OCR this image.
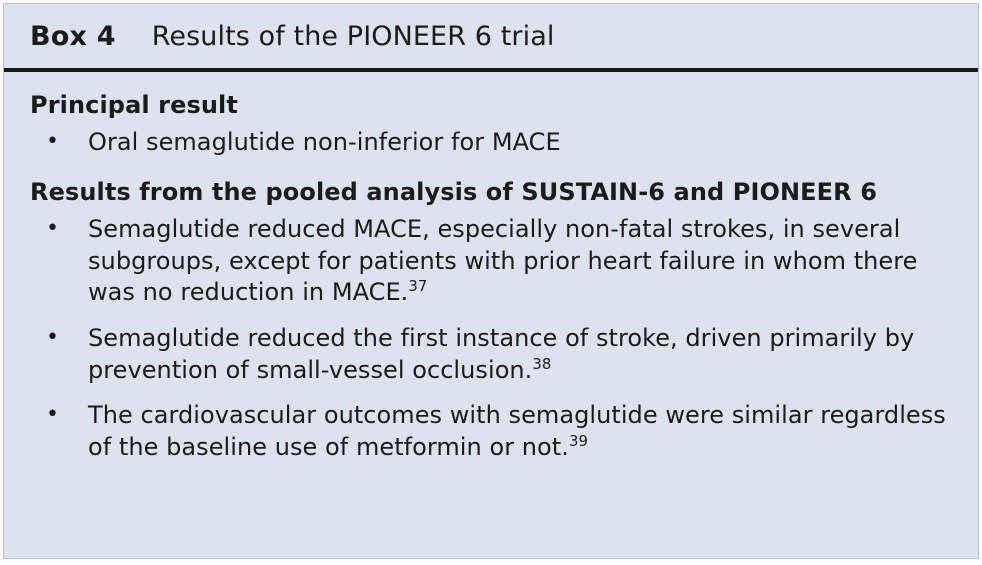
Box 4 Results of the PIONEER 6 trial
Principal result
• Oral semaglutide non-inferior for MACE
Results from the pooled analysis of SUSTAIN-6 and PIONEER 6
• Semaglutide reduced MACE, especially non-fatal strokes, in several subgroups, except for patients with prior heart failure in whom there was no reduction in MACE.$^{37}$
• Semaglutide reduced the first instance of stroke, driven primarily by prevention of small-vessel occlusion.$^{38}$
• The cardiovascular outcomes with semaglutide were similar regardless of the baseline use of metformin or not.$^{39}$
